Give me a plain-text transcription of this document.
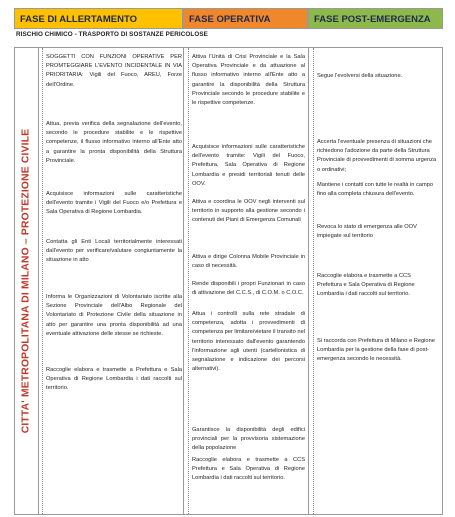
FASE DI ALLERTAMENTO	FASE OPERATIVA	FASE POST-EMERGENZA
RISCHIO CHIMICO - TRASPORTO DI SOSTANZE PERICOLOSE
CITTA' METROPOLITANA DI MILANO – PROTEZIONE CIVILE
SOGGETTI CON FUNZIONI OPERATIVE PER PROMTEGGIARE L'EVENTO INCIDENTALE IN VIA PRIORITARIA: Vigili del Fuoco, AREU, Forze dell'Ordine.
Attua, previa verifica della segnalazione dell'evento, secondo le procedure stabilite e le rispettive competenze, il flusso informativo interno all'Ente atto a garantire la pronta disponibilità della Struttura Provinciale.
Acquisisce informazioni sulle caratteristiche dell'evento tramite i Vigili del Fuoco e/o Prefettura e Sala Operativa di Regione Lombardia.
Contatta gli Enti Locali territorialmente interessati dall'evento per verificare/valutare congiuntamente la situazione in atto
Informa le Organizzazioni di Volontariato iscritte alla Sezione Provinciale dell'Albo Regionale del Volontariato di Protezione Civile della situazione in atto per garantire una pronta disponibilità ad una eventuale attivazione delle stesse se richieste.
Raccoglie elabora e trasmette a Prefettura e Sala Operativa di Regione Lombardia i dati raccolti sul territorio.
Attiva l'Unità di Crisi Provinciale e la Sala Operativa Provinciale e da attuazione al flusso informativo interno all'Ente atto a garantire la disponibilità della Struttura Provinciale secondo le procedure stabilite e le rispettive competenze.
Acquisisce informazioni sulle caratteristiche dell'evento tramite: Vigili del Fuoco, Prefettura, Sala Operativa di Regione Lombardia e presidi territoriali tenuti delle OOV.
Attiva e coordina le OOV negli interventi sul territorio in supporto alla gestione secondo i contenuti dei Piani di Emergenza Comunali
Attiva e dirige Colonna Mobile Provinciale in caso di necessità.
Rende disponibili i propri Funzionari in caso di attivazione del C.C.S., di C.O.M. o C.O.C.
Attua i controlli sulla rete stradale di competenza, adotta i provvedimenti di competenza per limitare/vietare il transito nel territorio interessato dall'evento garantendo l'informazione agli utenti (cartellonistica di segnalazione e indicazione dei percorsi alternativi).
Garantisce la disponibilità degli edifici provinciali per la provvisoria sistemazione della popolazione
Raccoglie elabora e trasmette a CCS Prefettura e Sala Operativa di Regione Lombardia i dati raccolti sul territorio.
Segue l'evolversi della situazione.
Accerta l'eventuale presenza di situazioni che richiedono l'adozione da parte della Struttura Provinciale di provvedimenti di somma urgenza o ordinativi;
Mantiene i contatti con tutte le realtà in campo fino alla completa chiusura dell'evento.
Revoca lo stato di emergenza alle OOV impiegate sul territorio
Raccoglie elabora e trasmette a CCS Prefettura e Sala Operativa di Regione Lombardia i dati raccolti sul territorio.
Si raccorda con Prefettura di Milano e Regione Lombardia per la gestione della fase di post-emergenza secondo le necessità.
